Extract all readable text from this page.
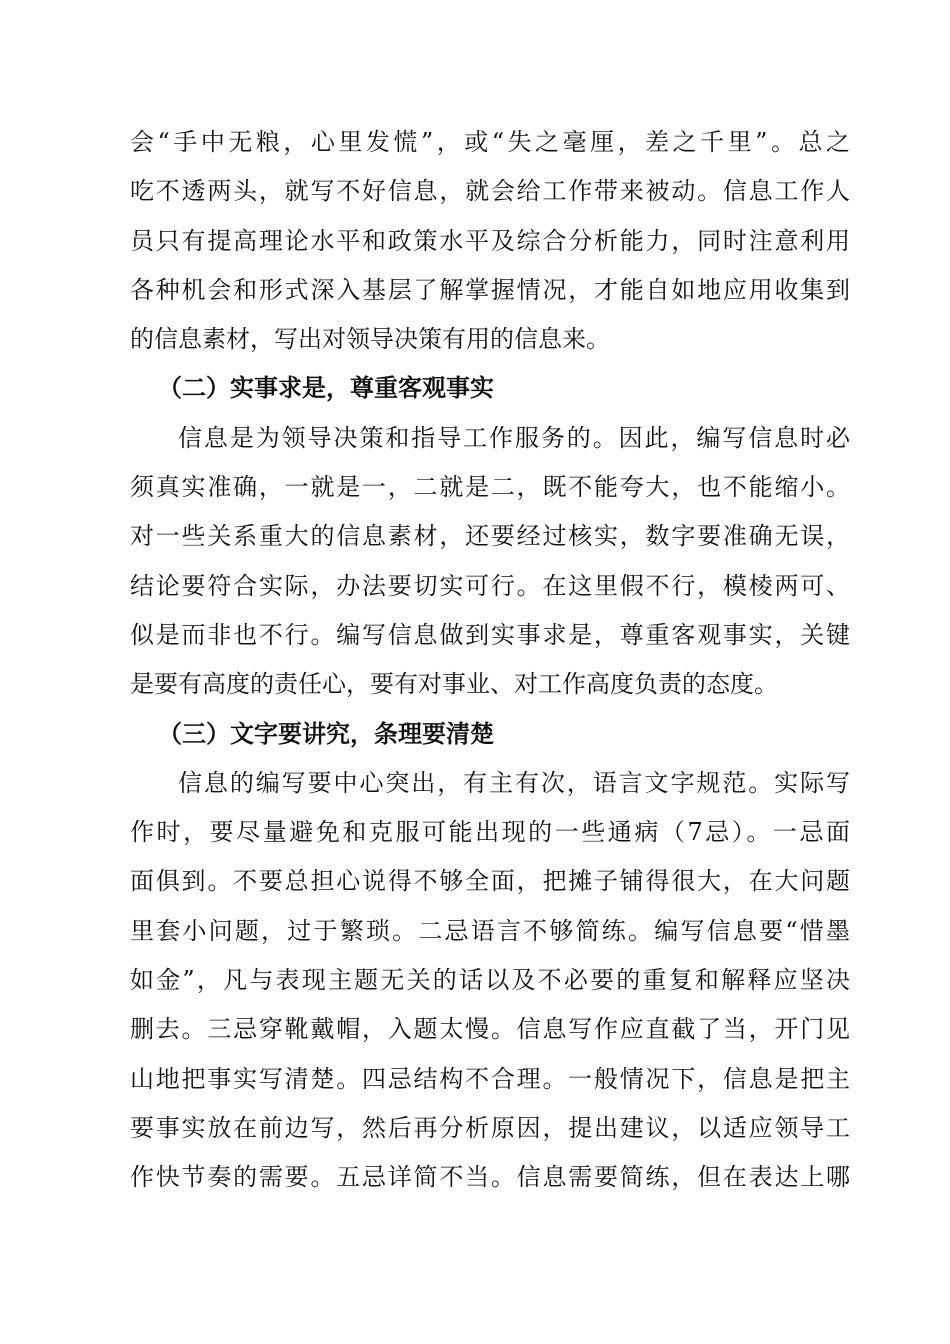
会“手中无粮，心里发慌”，或“失之毫厘，差之千里”。总之
吃不透两头，就写不好信息，就会给工作带来被动。信息工作人
员只有提高理论水平和政策水平及综合分析能力，同时注意利用
各种机会和形式深入基层了解掌握情况，才能自如地应用收集到
的信息素材，写出对领导决策有用的信息来。
（二）实事求是，尊重客观事实
信息是为领导决策和指导工作服务的。因此，编写信息时必
须真实准确，一就是一，二就是二，既不能夸大，也不能缩小。
对一些关系重大的信息素材，还要经过核实，数字要准确无误，
结论要符合实际，办法要切实可行。在这里假不行，模棱两可、
似是而非也不行。编写信息做到实事求是，尊重客观事实，关键
是要有高度的责任心，要有对事业、对工作高度负责的态度。
（三）文字要讲究，条理要清楚
信息的编写要中心突出，有主有次，语言文字规范。实际写
作时，要尽量避免和克服可能出现的一些通病（7忌）。一忌面
面俱到。不要总担心说得不够全面，把摊子铺得很大，在大问题
里套小问题，过于繁琐。二忌语言不够简练。编写信息要“惜墨
如金”，凡与表现主题无关的话以及不必要的重复和解释应坚决
删去。三忌穿靴戴帽，入题太慢。信息写作应直截了当，开门见
山地把事实写清楚。四忌结构不合理。一般情况下，信息是把主
要事实放在前边写，然后再分析原因，提出建议，以适应领导工
作快节奏的需要。五忌详简不当。信息需要简练，但在表达上哪
